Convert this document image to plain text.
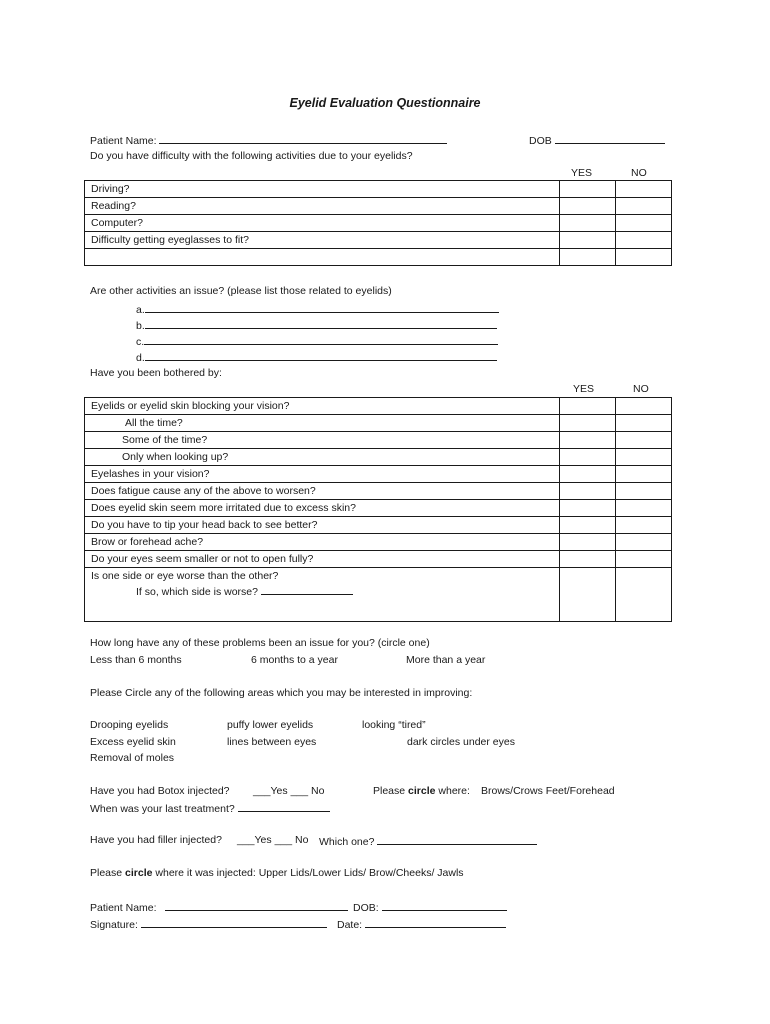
Eyelid Evaluation Questionnaire
Patient Name:	DOB
Do you have difficulty with the following activities due to your eyelids?
YES	NO
Driving?		
Reading?		
Computer?		
Difficulty getting eyeglasses to fit?		

Are other activities an issue? (please list those related to eyelids)
a.
b.
c.
d.
Have you been bothered by:
YES	NO
Eyelids or eyelid skin blocking your vision?		
All the time?		
Some of the time?		
Only when looking up?		
Eyelashes in your vision?		
Does fatigue cause any of the above to worsen?		
Does eyelid skin seem more irritated due to excess skin?		
Do you have to tip your head back to see better?		
Brow or forehead ache?		
Do your eyes seem smaller or not to open fully?		
Is one side or eye worse than the other?		
If so, which side is worse?		
How long have any of these problems been an issue for you? (circle one)
Less than 6 months	6 months to a year	More than a year
Please Circle any of the following areas which you may be interested in improving:
Drooping eyelids	puffy lower eyelids	looking “tired”
Excess eyelid skin	lines between eyes	dark circles under eyes
Removal of moles
Have you had Botox injected? ___Yes ___ No	Please circle where: Brows/Crows Feet/Forehead
When was your last treatment?
Have you had filler injected? ___Yes ___ No Which one?
Please circle where it was injected: Upper Lids/Lower Lids/ Brow/Cheeks/ Jawls
Patient Name:	DOB:
Signature:	Date:
